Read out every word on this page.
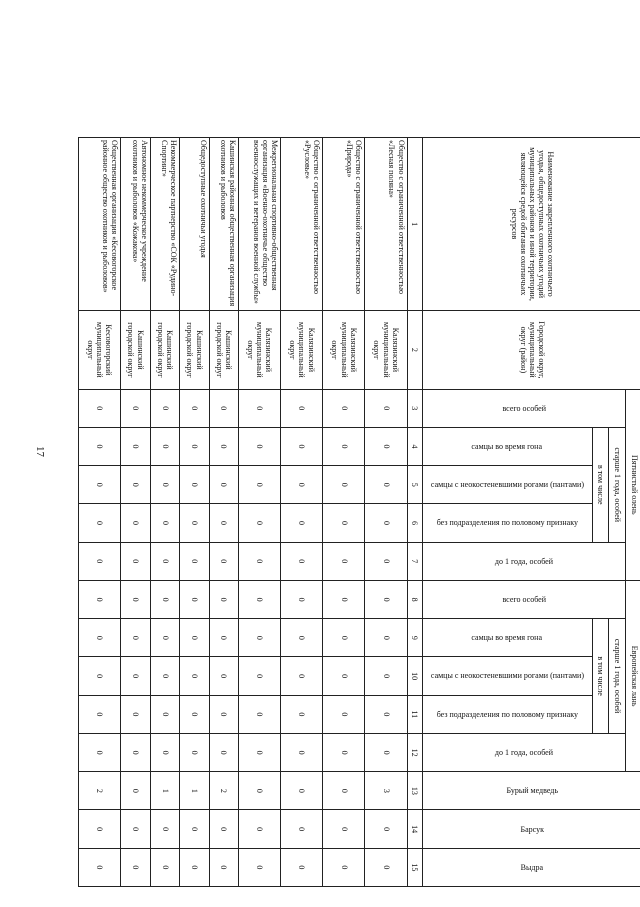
17
Наименование закрепленного охотничьего угодья, общедоступных охотничьих угодий муниципальных районов и иной территории, являющейся средой обитания охотничьих ресурсов	Городской округ, муниципальный округ (район)	Пятнистый олень					Европейская лань					Бурый медведь	Барсук	Выдра

		всего особей	старше 1 года, особей			до 1 года, особей	всего особей	старше 1 года, особей			до 1 года, особей			

			в том числе					в том числе						

			самцы во время гона	самцы с неокостеневшими рогами (пантами)	без подразделения по половому признаку			самцы во время гона	самцы с неокостеневшими рогами (пантами)	без подразделения по половому признаку				

1	2	3	4	5	6	7	8	9	10	11	12	13	14	15
Общество с ограниченной ответственностью «Лесная поляна»	Калязинский муниципальный округ	0	0	0	0	0	0	0	0	0	0	3	0	0
Общество с ограниченной ответственностью «Природа»	Калязинский муниципальный округ	0	0	0	0	0	0	0	0	0	0	0	0	0
Общество с ограниченной ответственностью «Русловье»	Калязинский муниципальный округ	0	0	0	0	0	0	0	0	0	0	0	0	0
Межрегиональная спортивно-общественная организация «Военно-охотничье общество военнослужащих и ветеранов военной службы»	Калязинский муниципальный округ	0	0	0	0	0	0	0	0	0	0	0	0	0
Кашинская районная общественная организация охотников и рыболовов	Кашинский городской округ	0	0	0	0	0	0	0	0	0	0	2	0	0
Общедоступные охотничьи угодья	Кашинский городской округ	0	0	0	0	0	0	0	0	0	0	1	0	0
Некоммерческое партнерство «СОК «Рудино-Спортинг»	Кашинский городской округ	0	0	0	0	0	0	0	0	0	0	1	0	0
Автономное некоммерческое учреждение охотников и рыболовов «Кожакова»	Кашинский городской округ	0	0	0	0	0	0	0	0	0	0	0	0	0
Общественная организация «Кесовогорское районное общество охотников и рыболовов»	Кесовогорский муниципальный округ	0	0	0	0	0	0	0	0	0	0	2	0	0
